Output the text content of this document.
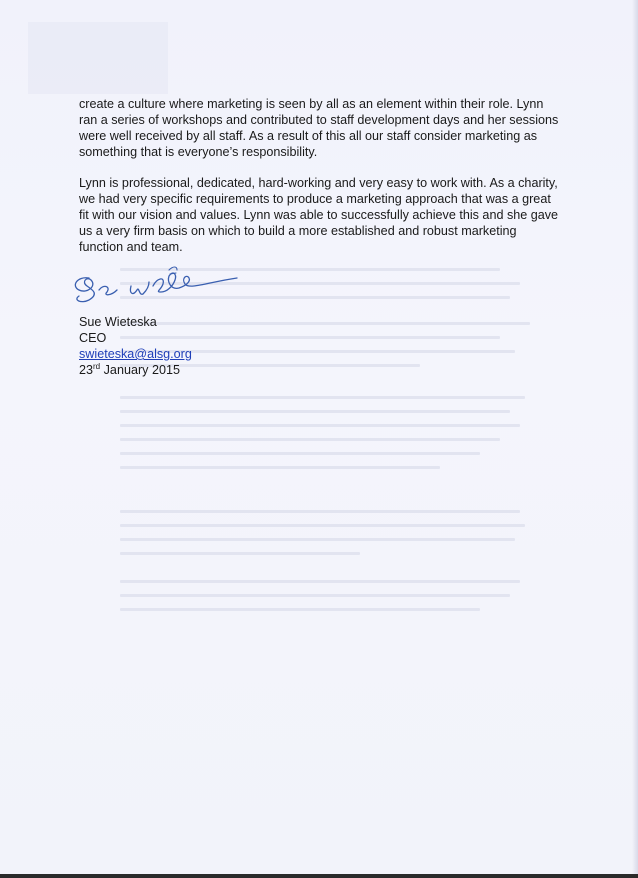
create a culture where marketing is seen by all as an element within their role. Lynn ran a series of workshops and contributed to staff development days and her sessions were well received by all staff. As a result of this all our staff consider marketing as something that is everyone’s responsibility.

Lynn is professional, dedicated, hard-working and very easy to work with. As a charity, we had very specific requirements to produce a marketing approach that was a great fit with our vision and values. Lynn was able to successfully achieve this and she gave us a very firm basis on which to build a more established and robust marketing function and team.

Sue Wieteska
CEO
swieteska@alsg.org
23rd January 2015
